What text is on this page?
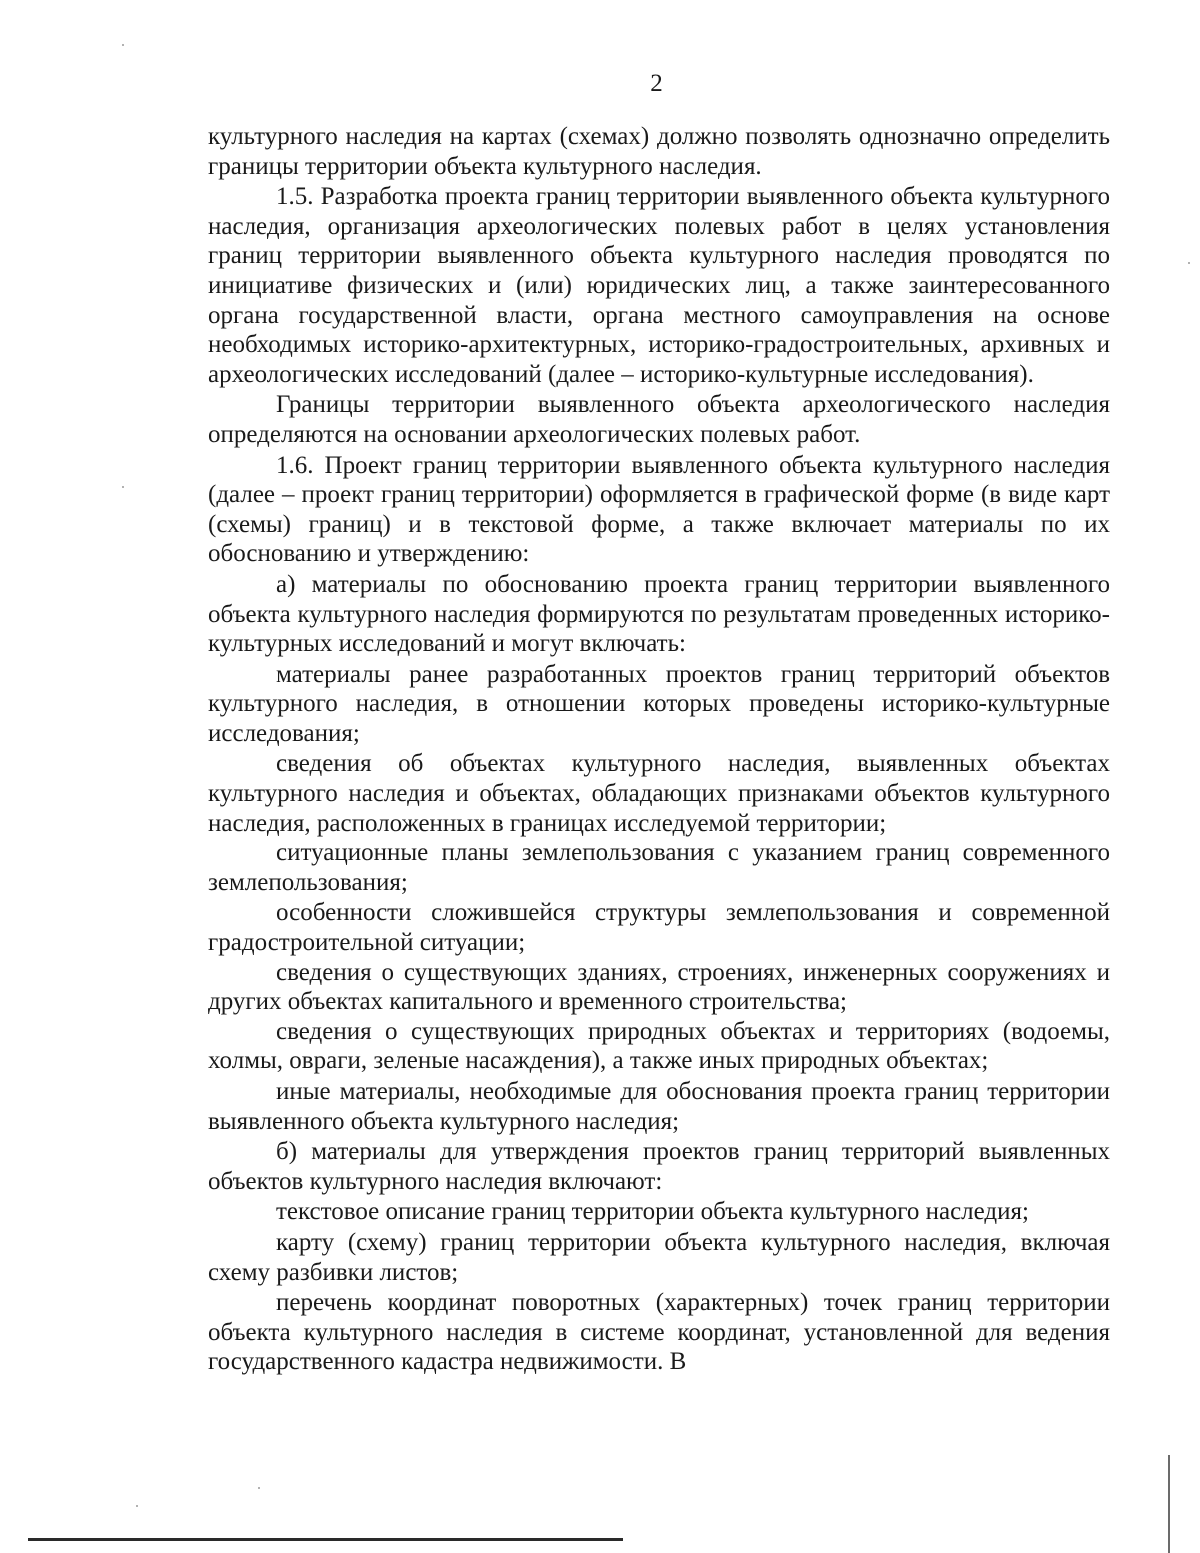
2

культурного наследия на картах (схемах) должно позволять однозначно определить границы территории объекта культурного наследия.

1.5. Разработка проекта границ территории выявленного объекта культурного наследия, организация археологических полевых работ в целях установления границ территории выявленного объекта культурного наследия проводятся по инициативе физических и (или) юридических лиц, а также заинтересованного органа государственной власти, органа местного самоуправления на основе необходимых историко-архитектурных, историко-градостроительных, архивных и археологических исследований (далее – историко-культурные исследования).

Границы территории выявленного объекта археологического наследия определяются на основании археологических полевых работ.

1.6. Проект границ территории выявленного объекта культурного наследия (далее – проект границ территории) оформляется в графической форме (в виде карт (схемы) границ) и в текстовой форме, а также включает материалы по их обоснованию и утверждению:

а) материалы по обоснованию проекта границ территории выявленного объекта культурного наследия формируются по результатам проведенных историко-культурных исследований и могут включать:

материалы ранее разработанных проектов границ территорий объектов культурного наследия, в отношении которых проведены историко-культурные исследования;

сведения об объектах культурного наследия, выявленных объектах культурного наследия и объектах, обладающих признаками объектов культурного наследия, расположенных в границах исследуемой территории;

ситуационные планы землепользования с указанием границ современного землепользования;

особенности сложившейся структуры землепользования и современной градостроительной ситуации;

сведения о существующих зданиях, строениях, инженерных сооружениях и других объектах капитального и временного строительства;

сведения о существующих природных объектах и территориях (водоемы, холмы, овраги, зеленые насаждения), а также иных природных объектах;

иные материалы, необходимые для обоснования проекта границ территории выявленного объекта культурного наследия;

б) материалы для утверждения проектов границ территорий выявленных объектов культурного наследия включают:

текстовое описание границ территории объекта культурного наследия;

карту (схему) границ территории объекта культурного наследия, включая схему разбивки листов;

перечень координат поворотных (характерных) точек границ территории объекта культурного наследия в системе координат, установленной для ведения государственного кадастра недвижимости. В
